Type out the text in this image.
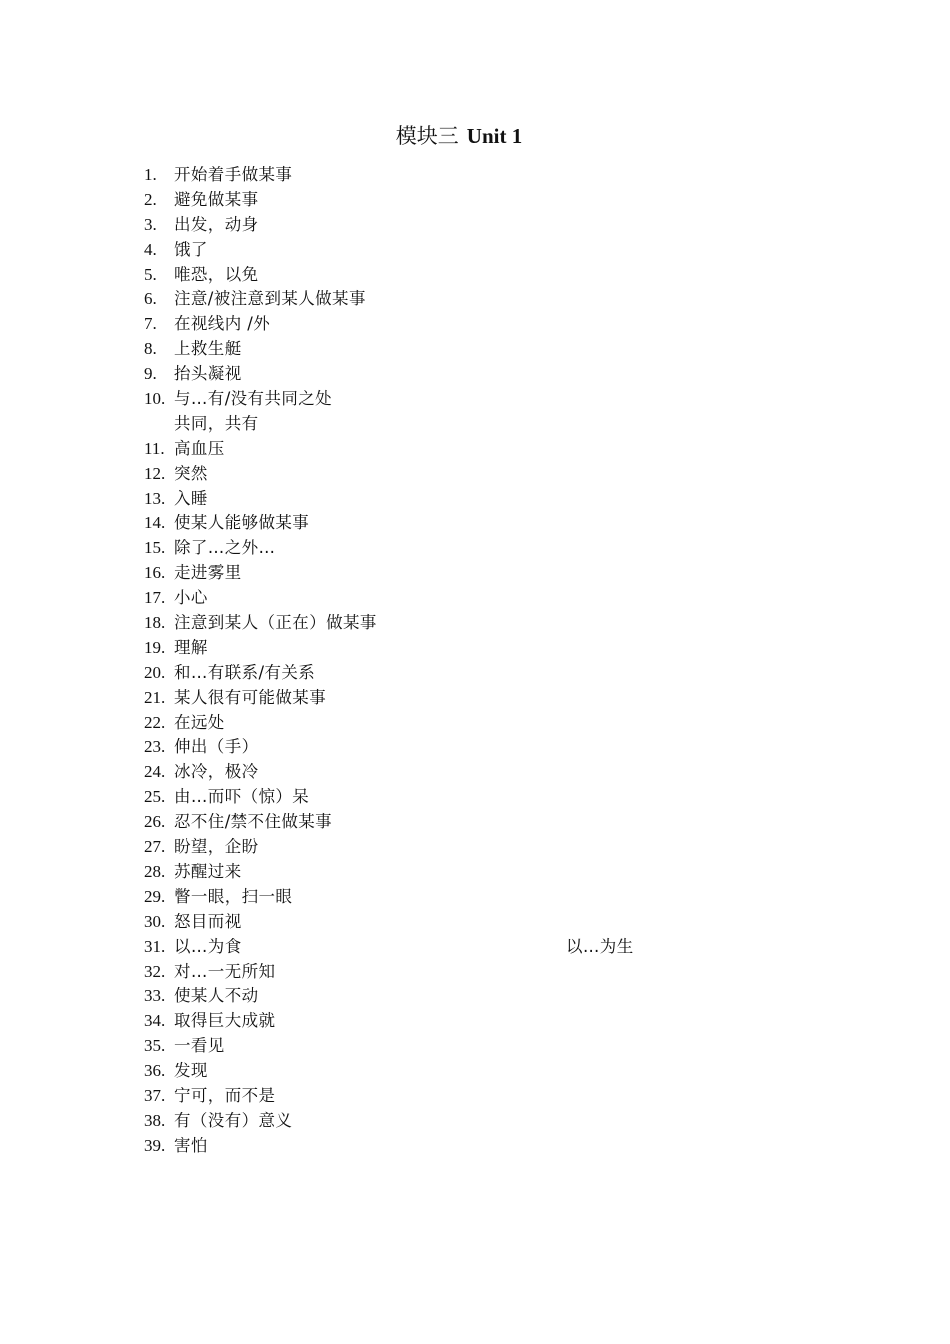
模块三 Unit 1
1. 开始着手做某事
2. 避免做某事
3. 出发，动身
4. 饿了
5. 唯恐，以免
6. 注意/被注意到某人做某事
7. 在视线内 /外
8. 上救生艇
9. 抬头凝视
10. 与…有/没有共同之处
共同，共有
11. 高血压
12. 突然
13. 入睡
14. 使某人能够做某事
15. 除了…之外…
16. 走进雾里
17. 小心
18. 注意到某人（正在）做某事
19. 理解
20. 和…有联系/有关系
21. 某人很有可能做某事
22. 在远处
23. 伸出（手）
24. 冰冷，极冷
25. 由…而吓（惊）呆
26. 忍不住/禁不住做某事
27. 盼望，企盼
28. 苏醒过来
29. 瞥一眼，扫一眼
30. 怒目而视
31. 以…为食	以…为生
32. 对…一无所知
33. 使某人不动
34. 取得巨大成就
35. 一看见
36. 发现
37. 宁可，而不是
38. 有（没有）意义
39. 害怕
